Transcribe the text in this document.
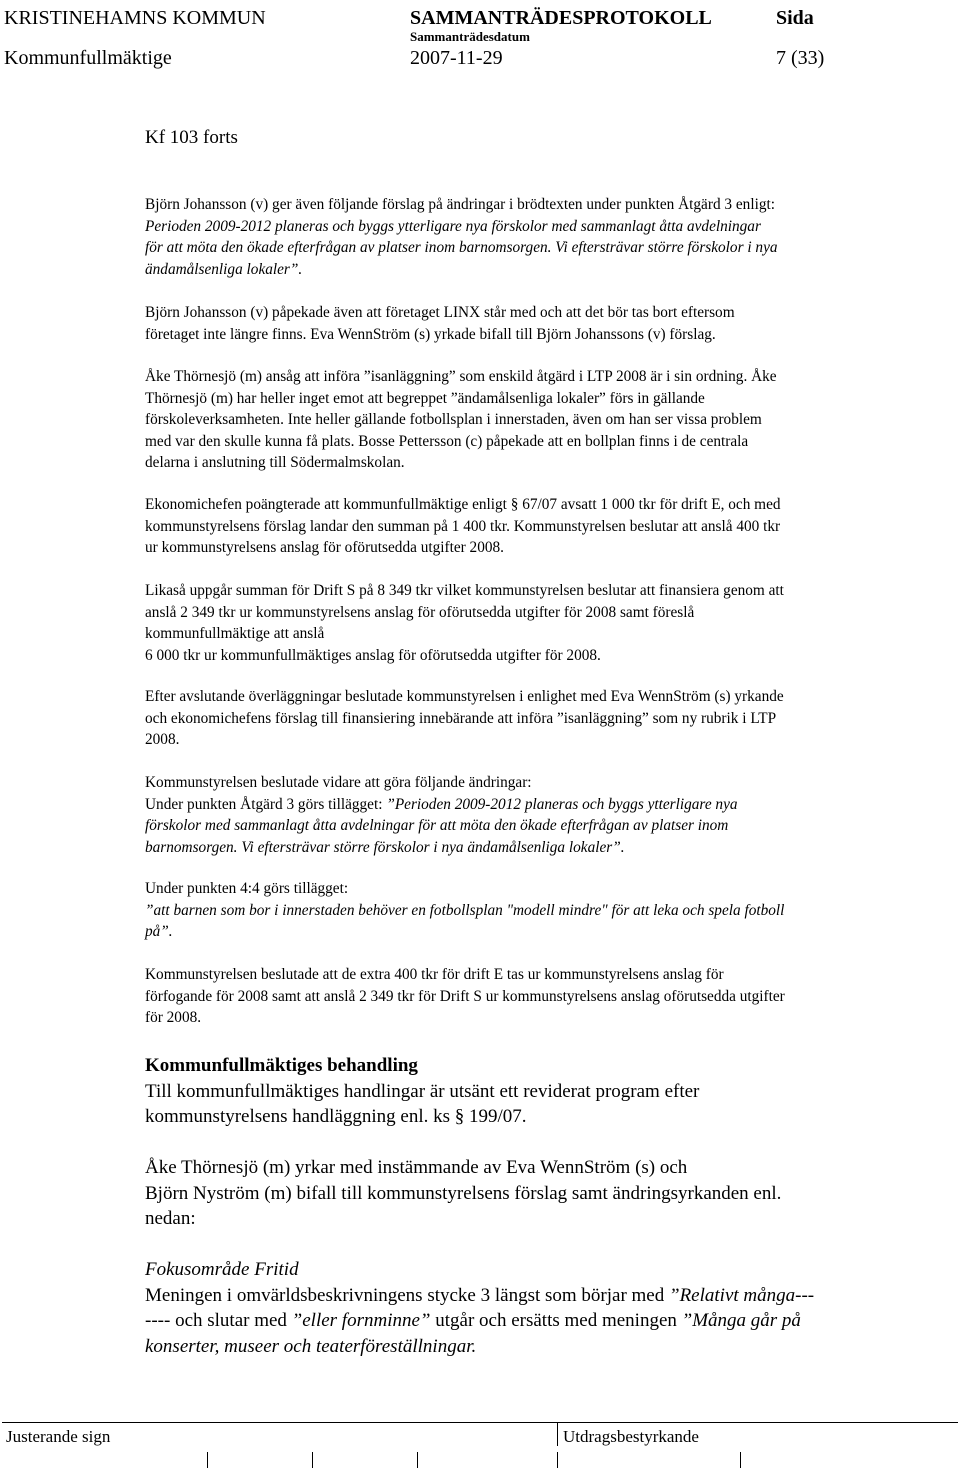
KRISTINEHAMNS KOMMUN	SAMMANTRÄDESPROTOKOLL	Sida
Sammanträdesdatum
Kommunfullmäktige	2007-11-29	7 (33)
Kf 103 forts

Björn Johansson (v) ger även följande förslag på ändringar i brödtexten under punkten Åtgärd 3 enligt:

Perioden 2009-2012 planeras och byggs ytterligare nya förskolor med sammanlagt åtta avdelningar

för att möta den ökade efterfrågan av platser inom barnomsorgen. Vi eftersträvar större förskolor i nya

ändamålsenliga lokaler”.

Björn Johansson (v) påpekade även att företaget LINX står med och att det bör tas bort eftersom

företaget inte längre finns. Eva WennStröm (s) yrkade bifall till Björn Johanssons (v) förslag.

Åke Thörnesjö (m) ansåg att införa ”isanläggning” som enskild åtgärd i LTP 2008 är i sin ordning. Åke

Thörnesjö (m) har heller inget emot att begreppet ”ändamålsenliga lokaler” förs in gällande

förskoleverksamheten. Inte heller gällande fotbollsplan i innerstaden, även om han ser vissa problem

med var den skulle kunna få plats. Bosse Pettersson (c) påpekade att en bollplan finns i de centrala

delarna i anslutning till Södermalmskolan.

Ekonomichefen poängterade att kommunfullmäktige enligt § 67/07 avsatt 1 000 tkr för drift E, och med

kommunstyrelsens förslag landar den summan på 1 400 tkr. Kommunstyrelsen beslutar att anslå 400 tkr

ur kommunstyrelsens anslag för oförutsedda utgifter 2008.

Likaså uppgår summan för Drift S på 8 349 tkr vilket kommunstyrelsen beslutar att finansiera genom att

anslå 2 349 tkr ur kommunstyrelsens anslag för oförutsedda utgifter för 2008 samt föreslå

kommunfullmäktige att anslå

6 000 tkr ur kommunfullmäktiges anslag för oförutsedda utgifter för 2008.

Efter avslutande överläggningar beslutade kommunstyrelsen i enlighet med Eva WennStröm (s) yrkande

och ekonomichefens förslag till finansiering innebärande att införa ”isanläggning” som ny rubrik i LTP

2008.

Kommunstyrelsen beslutade vidare att göra följande ändringar:

Under punkten Åtgärd 3 görs tillägget: ”Perioden 2009-2012 planeras och byggs ytterligare nya

förskolor med sammanlagt åtta avdelningar för att möta den ökade efterfrågan av platser inom

barnomsorgen. Vi eftersträvar större förskolor i nya ändamålsenliga lokaler”.

Under punkten 4:4 görs tillägget:

”att barnen som bor i innerstaden behöver en fotbollsplan "modell mindre" för att leka och spela fotboll

på”.

Kommunstyrelsen beslutade att de extra 400 tkr för drift E tas ur kommunstyrelsens anslag för

förfogande för 2008 samt att anslå 2 349 tkr för Drift S ur kommunstyrelsens anslag oförutsedda utgifter

för 2008.

Kommunfullmäktiges behandling

Till kommunfullmäktiges handlingar är utsänt ett reviderat program efter

kommunstyrelsens handläggning enl. ks § 199/07.

Åke Thörnesjö (m) yrkar med instämmande av Eva WennStröm (s) och

Björn Nyström (m) bifall till kommunstyrelsens förslag samt ändringsyrkanden enl.

nedan:

Fokusområde Fritid

Meningen i omvärldsbeskrivningens stycke 3 längst som börjar med ”Relativt många---

---- och slutar med ”eller fornminne” utgår och ersätts med meningen ”Många går på

konserter, museer och teaterföreställningar.

Justerande sign	Utdragsbestyrkande
